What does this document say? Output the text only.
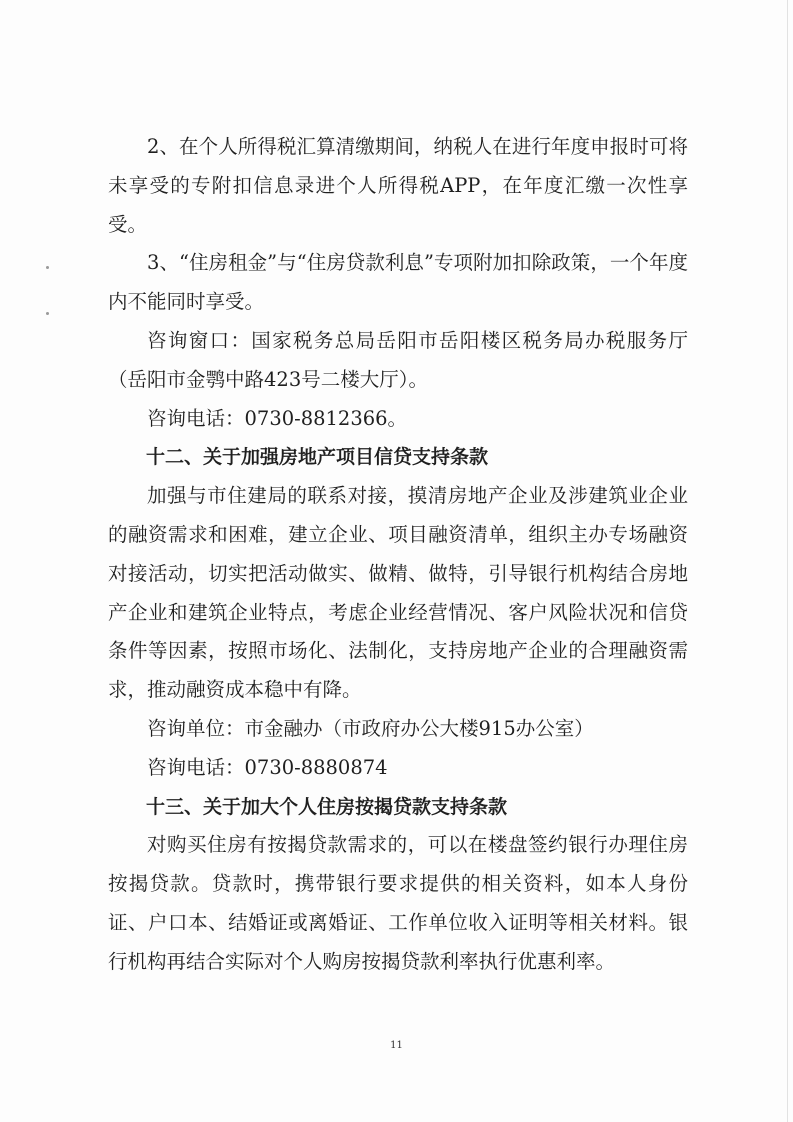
2、在个人所得税汇算清缴期间，纳税人在进行年度申报时可将未享受的专附扣信息录进个人所得税APP，在年度汇缴一次性享受。

3、“住房租金”与“住房贷款利息”专项附加扣除政策，一个年度内不能同时享受。

咨询窗口：国家税务总局岳阳市岳阳楼区税务局办税服务厅（岳阳市金鹗中路423号二楼大厅）。

咨询电话：0730-8812366。

十二、关于加强房地产项目信贷支持条款

加强与市住建局的联系对接，摸清房地产企业及涉建筑业企业的融资需求和困难，建立企业、项目融资清单，组织主办专场融资对接活动，切实把活动做实、做精、做特，引导银行机构结合房地产企业和建筑企业特点，考虑企业经营情况、客户风险状况和信贷条件等因素，按照市场化、法制化，支持房地产企业的合理融资需求，推动融资成本稳中有降。

咨询单位：市金融办（市政府办公大楼915办公室）

咨询电话：0730-8880874

十三、关于加大个人住房按揭贷款支持条款

对购买住房有按揭贷款需求的，可以在楼盘签约银行办理住房按揭贷款。贷款时，携带银行要求提供的相关资料，如本人身份证、户口本、结婚证或离婚证、工作单位收入证明等相关材料。银行机构再结合实际对个人购房按揭贷款利率执行优惠利率。

11
